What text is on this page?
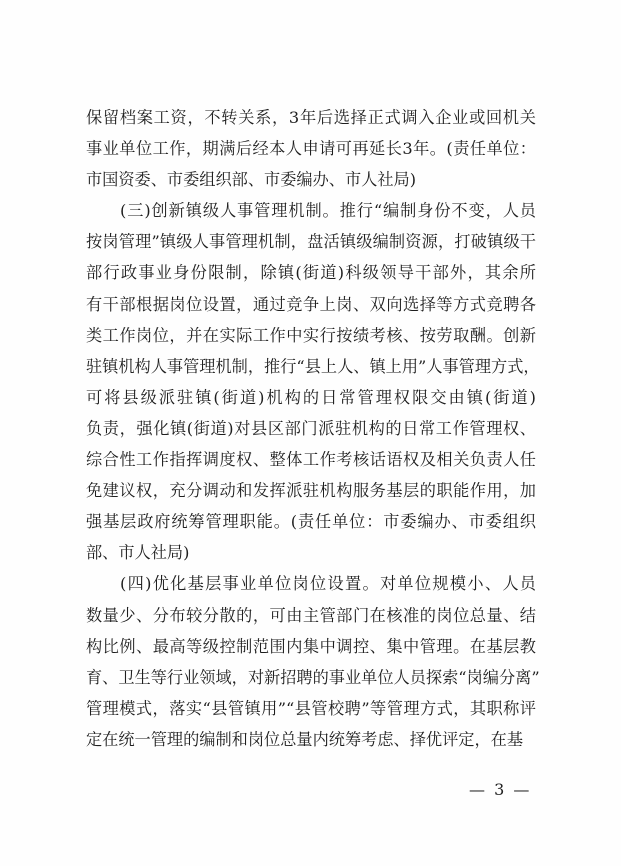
保留档案工资，不转关系，3年后选择正式调入企业或回机关
事业单位工作，期满后经本人申请可再延长3年。(责任单位：
市国资委、市委组织部、市委编办、市人社局)
(三)创新镇级人事管理机制。推行“编制身份不变，人员
按岗管理”镇级人事管理机制，盘活镇级编制资源，打破镇级干
部行政事业身份限制，除镇(街道)科级领导干部外，其余所
有干部根据岗位设置，通过竞争上岗、双向选择等方式竞聘各
类工作岗位，并在实际工作中实行按绩考核、按劳取酬。创新
驻镇机构人事管理机制，推行“县上人、镇上用”人事管理方式，
可将县级派驻镇(街道)机构的日常管理权限交由镇(街道)
负责，强化镇(街道)对县区部门派驻机构的日常工作管理权、
综合性工作指挥调度权、整体工作考核话语权及相关负责人任
免建议权，充分调动和发挥派驻机构服务基层的职能作用，加
强基层政府统筹管理职能。(责任单位：市委编办、市委组织
部、市人社局)
(四)优化基层事业单位岗位设置。对单位规模小、人员
数量少、分布较分散的，可由主管部门在核准的岗位总量、结
构比例、最高等级控制范围内集中调控、集中管理。在基层教
育、卫生等行业领域，对新招聘的事业单位人员探索“岗编分离”
管理模式，落实“县管镇用”“县管校聘”等管理方式，其职称评
定在统一管理的编制和岗位总量内统筹考虑、择优评定，在基
— 3 —
